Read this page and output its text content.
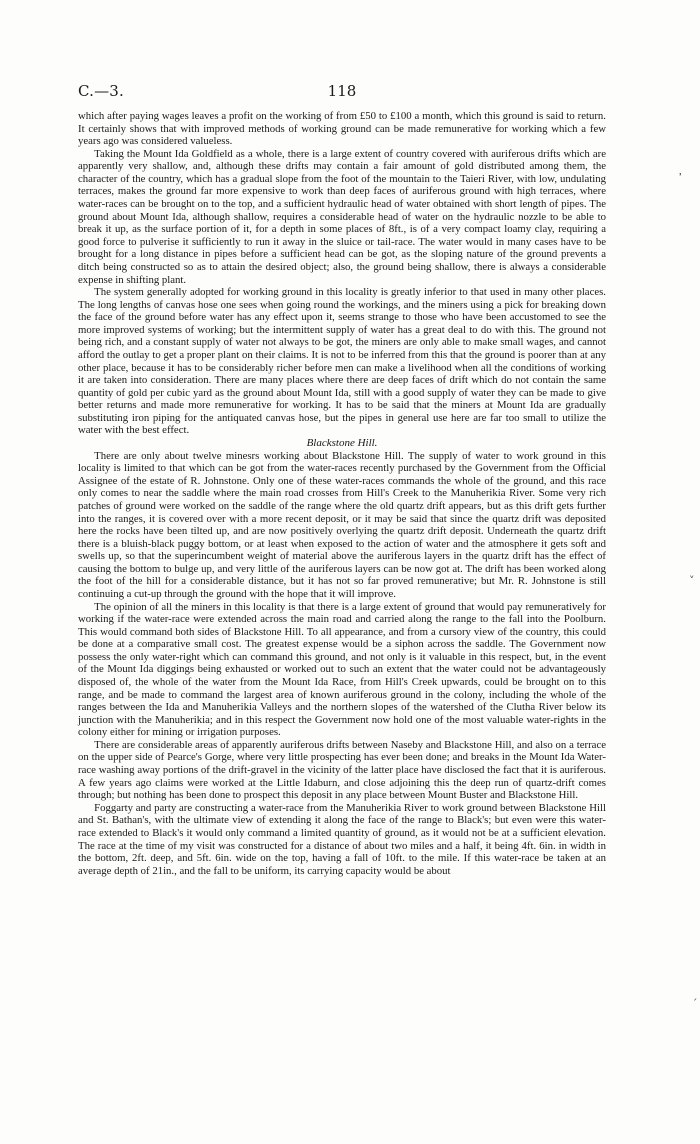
C.—3.	118

which after paying wages leaves a profit on the working of from £50 to £100 a month, which this ground is said to return. It certainly shows that with improved methods of working ground can be made remunerative for working which a few years ago was considered valueless.

Taking the Mount Ida Goldfield as a whole, there is a large extent of country covered with auriferous drifts which are apparently very shallow, and, although these drifts may contain a fair amount of gold distributed among them, the character of the country, which has a gradual slope from the foot of the mountain to the Taieri River, with low, undulating terraces, makes the ground far more expensive to work than deep faces of auriferous ground with high terraces, where water-races can be brought on to the top, and a sufficient hydraulic head of water obtained with short length of pipes. The ground about Mount Ida, although shallow, requires a considerable head of water on the hydraulic nozzle to be able to break it up, as the surface portion of it, for a depth in some places of 8ft., is of a very compact loamy clay, requiring a good force to pulverise it sufficiently to run it away in the sluice or tail-race. The water would in many cases have to be brought for a long distance in pipes before a sufficient head can be got, as the sloping nature of the ground prevents a ditch being constructed so as to attain the desired object; also, the ground being shallow, there is always a considerable expense in shifting plant.

The system generally adopted for working ground in this locality is greatly inferior to that used in many other places. The long lengths of canvas hose one sees when going round the workings, and the miners using a pick for breaking down the face of the ground before water has any effect upon it, seems strange to those who have been accustomed to see the more improved systems of working; but the intermittent supply of water has a great deal to do with this. The ground not being rich, and a constant supply of water not always to be got, the miners are only able to make small wages, and cannot afford the outlay to get a proper plant on their claims. It is not to be inferred from this that the ground is poorer than at any other place, because it has to be considerably richer before men can make a livelihood when all the conditions of working it are taken into consideration. There are many places where there are deep faces of drift which do not contain the same quantity of gold per cubic yard as the ground about Mount Ida, still with a good supply of water they can be made to give better returns and made more remunerative for working. It has to be said that the miners at Mount Ida are gradually substituting iron piping for the antiquated canvas hose, but the pipes in general use here are far too small to utilize the water with the best effect.

Blackstone Hill.

There are only about twelve minesrs working about Blackstone Hill. The supply of water to work ground in this locality is limited to that which can be got from the water-races recently purchased by the Government from the Official Assignee of the estate of R. Johnstone. Only one of these water-races commands the whole of the ground, and this race only comes to near the saddle where the main road crosses from Hill's Creek to the Manuherikia River. Some very rich patches of ground were worked on the saddle of the range where the old quartz drift appears, but as this drift gets further into the ranges, it is covered over with a more recent deposit, or it may be said that since the quartz drift was deposited here the rocks have been tilted up, and are now positively overlying the quartz drift deposit. Underneath the quartz drift there is a bluish-black puggy bottom, or at least when exposed to the action of water and the atmosphere it gets soft and swells up, so that the superincumbent weight of material above the auriferous layers in the quartz drift has the effect of causing the bottom to bulge up, and very little of the auriferous layers can be now got at. The drift has been worked along the foot of the hill for a considerable distance, but it has not so far proved remunerative; but Mr. R. Johnstone is still continuing a cut-up through the ground with the hope that it will improve.

The opinion of all the miners in this locality is that there is a large extent of ground that would pay remuneratively for working if the water-race were extended across the main road and carried along the range to the fall into the Poolburn. This would command both sides of Blackstone Hill. To all appearance, and from a cursory view of the country, this could be done at a comparative small cost. The greatest expense would be a siphon across the saddle. The Government now possess the only water-right which can command this ground, and not only is it valuable in this respect, but, in the event of the Mount Ida diggings being exhausted or worked out to such an extent that the water could not be advantageously disposed of, the whole of the water from the Mount Ida Race, from Hill's Creek upwards, could be brought on to this range, and be made to command the largest area of known auriferous ground in the colony, including the whole of the ranges between the Ida and Manuherikia Valleys and the northern slopes of the watershed of the Clutha River below its junction with the Manuherikia; and in this respect the Government now hold one of the most valuable water-rights in the colony either for mining or irrigation purposes.

There are considerable areas of apparently auriferous drifts between Naseby and Blackstone Hill, and also on a terrace on the upper side of Pearce's Gorge, where very little prospecting has ever been done; and breaks in the Mount Ida Water-race washing away portions of the drift-gravel in the vicinity of the latter place have disclosed the fact that it is auriferous. A few years ago claims were worked at the Little Idaburn, and close adjoining this the deep run of quartz-drift comes through; but nothing has been done to prospect this deposit in any place between Mount Buster and Blackstone Hill.

Foggarty and party are constructing a water-race from the Manuherikia River to work ground between Blackstone Hill and St. Bathan's, with the ultimate view of extending it along the face of the range to Black's; but even were this water-race extended to Black's it would only command a limited quantity of ground, as it would not be at a sufficient elevation. The race at the time of my visit was constructed for a distance of about two miles and a half, it being 4ft. 6in. in width in the bottom, 2ft. deep, and 5ft. 6in. wide on the top, having a fall of 10ft. to the mile. If this water-race be taken at an average depth of 21in., and the fall to be uniform, its carrying capacity would be about

˅
ˏ
